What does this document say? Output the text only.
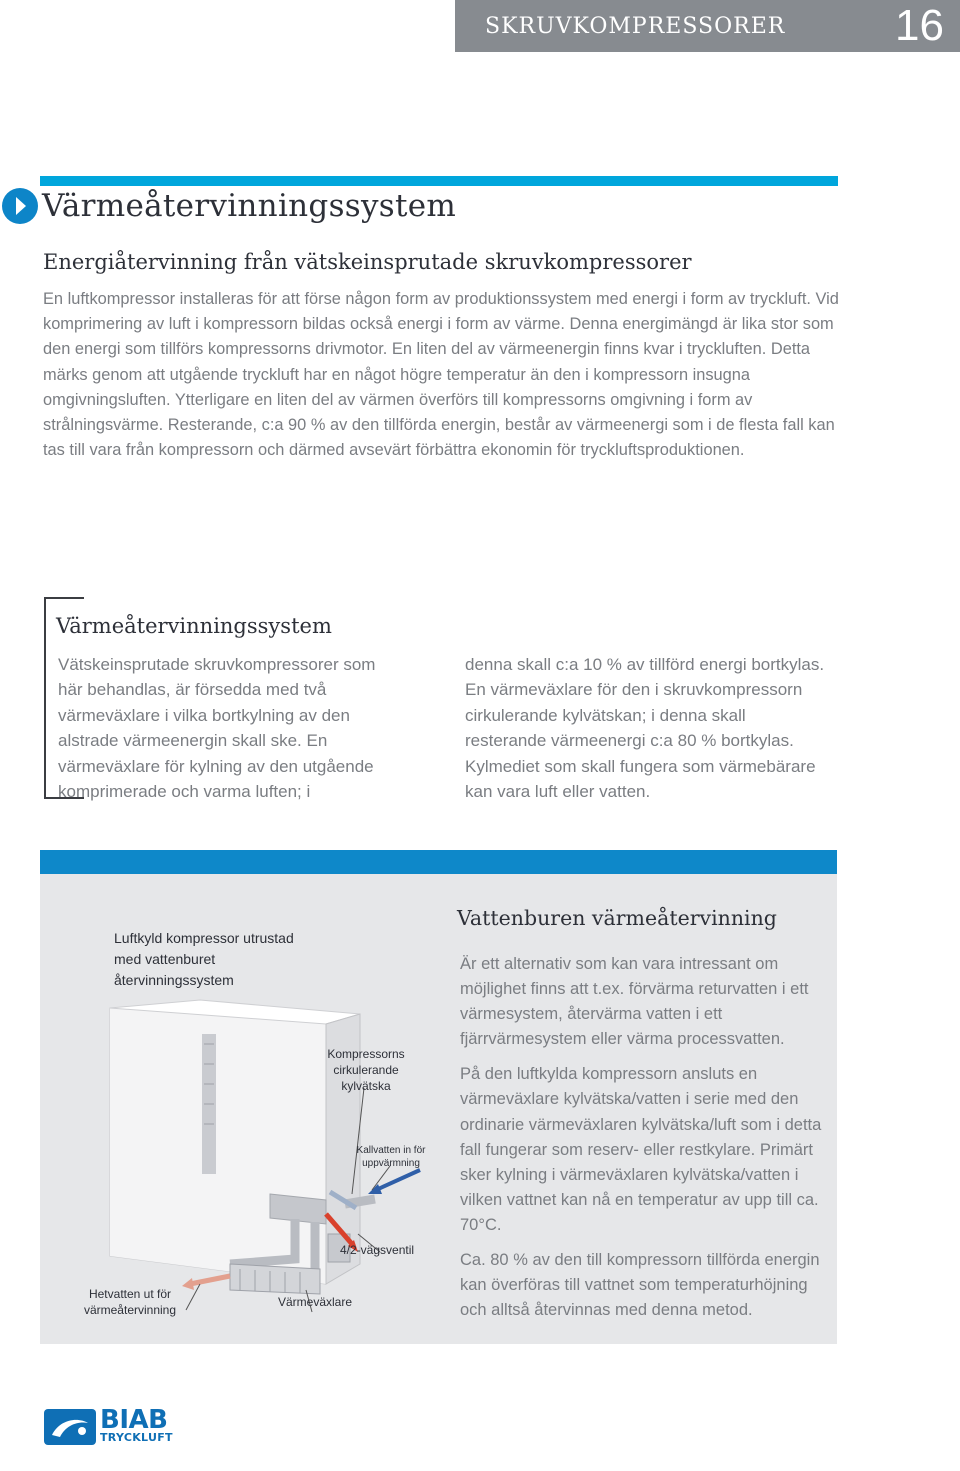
SKRUVKOMPRESSORER 16
Värmeåtervinningssystem
Energiåtervinning från vätskeinsprutade skruvkompressorer
En luftkompressor installeras för att förse någon form av produktionssystem med energi i form av tryckluft. Vid komprimering av luft i kompressorn bildas också energi i form av värme. Denna energimängd är lika stor som den energi som tillförs kompressorns drivmotor. En liten del av värmeenergin finns kvar i tryckluften. Detta märks genom att utgående tryckluft har en något högre temperatur än den i kompressorn insugna omgivningsluften. Ytterligare en liten del av värmen överförs till kompressorns omgivning i form av strålningsvärme. Resterande, c:a 90 % av den tillförda energin, består av värmeenergi som i de flesta fall kan tas till vara från kompressorn och därmed avsevärt förbättra ekonomin för tryckluftsproduktionen.
Värmeåtervinningssystem
Vätskeinsprutade skruvkompressorer som här behandlas, är försedda med två värmeväxlare i vilka bortkylning av den alstrade värmeenergin skall ske. En värmeväxlare för kylning av den utgående komprimerade och varma luften; i
denna skall c:a 10 % av tillförd energi bortkylas. En värmeväxlare för den i skruvkompressorn cirkulerande kylvätskan; i denna skall resterande värmeenergi c:a 80 % bortkylas. Kylmediet som skall fungera som värmebärare kan vara luft eller vatten.
Luftkyld kompressor utrustad med vattenburet återvinningssystem
Kompressorns cirkulerande kylvätska
Kallvatten in för uppvärmning
4/2-vägsventil
Hetvatten ut för värmeåtervinning
Värmeväxlare
Vattenburen värmeåtervinning

Är ett alternativ som kan vara intressant om möjlighet finns att t.ex. förvärma returvatten i ett värmesystem, återvärma vatten i ett fjärrvärmesystem eller värma processvatten.

På den luftkylda kompressorn ansluts en värmeväxlare kylvätska/vatten i serie med den ordinarie värmeväxlaren kylvätska/luft som i detta fall fungerar som reserv- eller restkylare. Primärt sker kylning i värmeväxlaren kylvätska/vatten i vilken vattnet kan nå en temperatur av upp till ca. 70°C.

Ca. 80 % av den till kompressorn tillförda energin kan överföras till vattnet som temperaturhöjning och alltså återvinnas med denna metod.

BIAB
TRYCKLUFT
